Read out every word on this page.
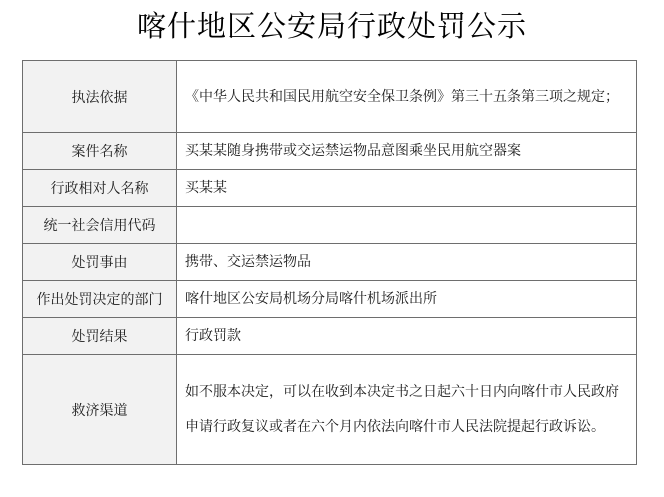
喀什地区公安局行政处罚公示
执法依据	《中华人民共和国民用航空安全保卫条例》第三十五条第三项之规定；
案件名称	买某某随身携带或交运禁运物品意图乘坐民用航空器案
行政相对人名称	买某某
统一社会信用代码	
处罚事由	携带、交运禁运物品
作出处罚决定的部门	喀什地区公安局机场分局喀什机场派出所
处罚结果	行政罚款
救济渠道	如不服本决定，可以在收到本决定书之日起六十日内向喀什市人民政府申请行政复议或者在六个月内依法向喀什市人民法院提起行政诉讼。
